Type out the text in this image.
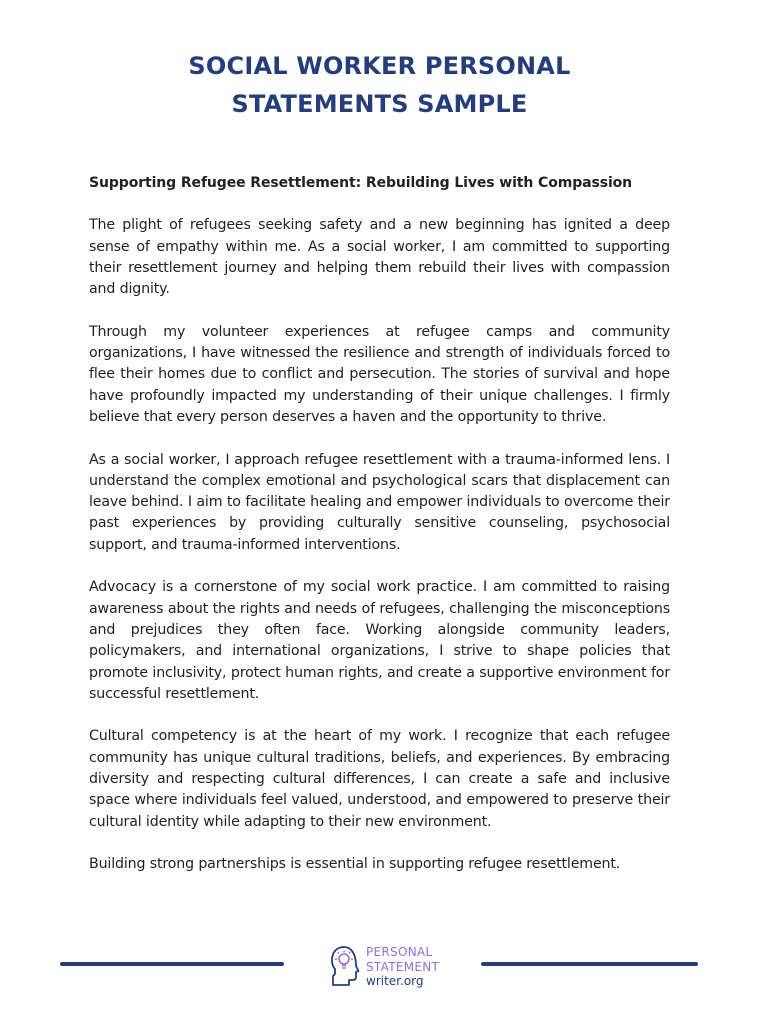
SOCIAL WORKER PERSONAL
STATEMENTS SAMPLE

Supporting Refugee Resettlement: Rebuilding Lives with Compassion

The plight of refugees seeking safety and a new beginning has ignited a deep sense of empathy within me. As a social worker, I am committed to supporting their resettlement journey and helping them rebuild their lives with compassion and dignity.

Through my volunteer experiences at refugee camps and community organizations, I have witnessed the resilience and strength of individuals forced to flee their homes due to conflict and persecution. The stories of survival and hope have profoundly impacted my understanding of their unique challenges. I firmly believe that every person deserves a haven and the opportunity to thrive.

As a social worker, I approach refugee resettlement with a trauma-informed lens. I understand the complex emotional and psychological scars that displacement can leave behind. I aim to facilitate healing and empower individuals to overcome their past experiences by providing culturally sensitive counseling, psychosocial support, and trauma-informed interventions.

Advocacy is a cornerstone of my social work practice. I am committed to raising awareness about the rights and needs of refugees, challenging the misconceptions and prejudices they often face. Working alongside community leaders, policymakers, and international organizations, I strive to shape policies that promote inclusivity, protect human rights, and create a supportive environment for successful resettlement.

Cultural competency is at the heart of my work. I recognize that each refugee community has unique cultural traditions, beliefs, and experiences. By embracing diversity and respecting cultural differences, I can create a safe and inclusive space where individuals feel valued, understood, and empowered to preserve their cultural identity while adapting to their new environment.

Building strong partnerships is essential in supporting refugee resettlement.

PERSONAL
STATEMENT
writer.org
